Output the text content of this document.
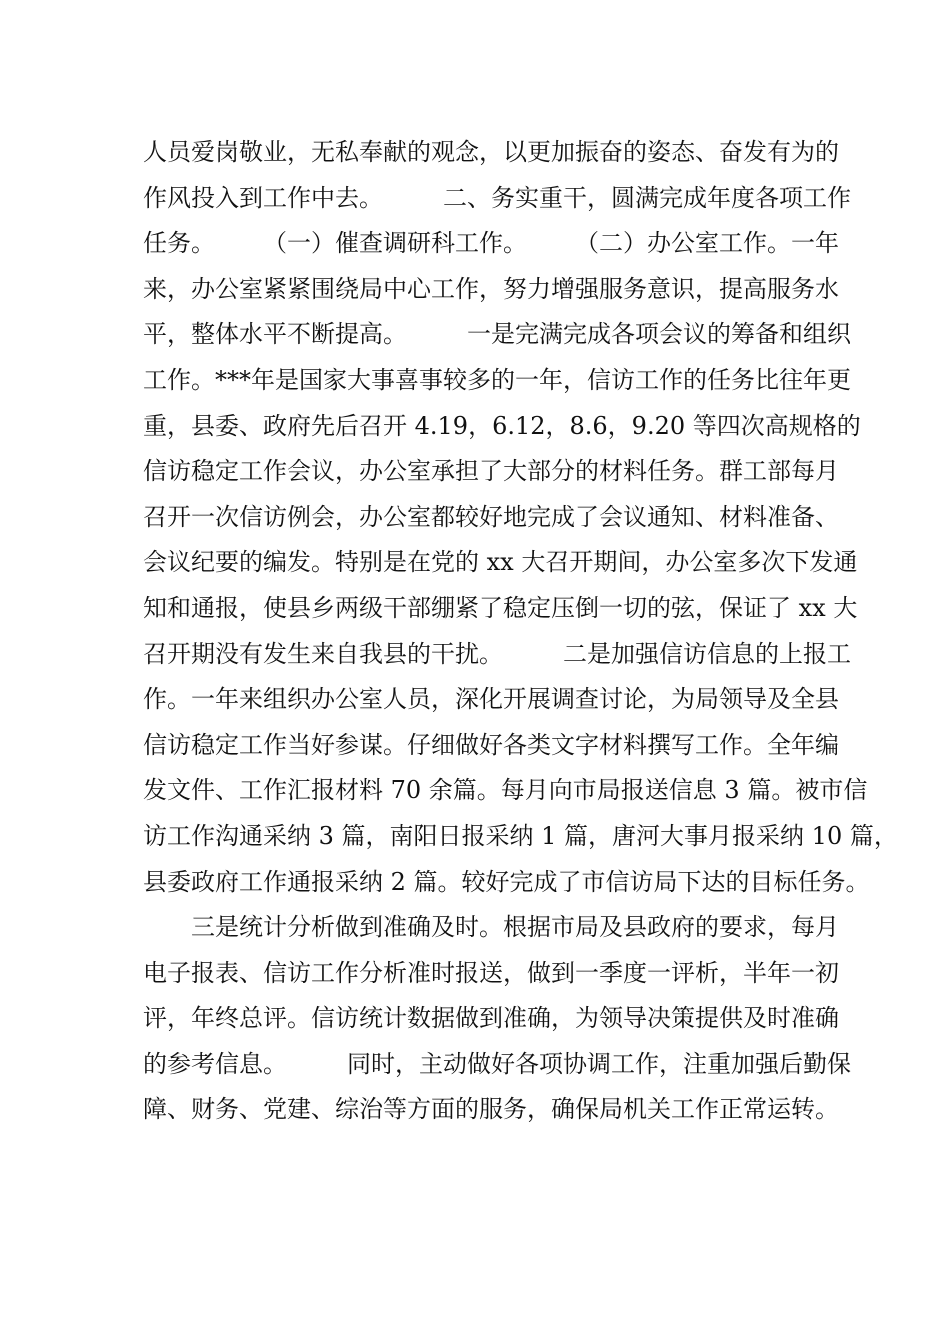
人员爱岗敬业，无私奉献的观念，以更加振奋的姿态、奋发有为的

作风投入到工作中去。　　　二、务实重干，圆满完成年度各项工作

任务。　　　（一）催查调研科工作。　　　（二）办公室工作。一年

来，办公室紧紧围绕局中心工作，努力增强服务意识，提高服务水

平，整体水平不断提高。　　　一是完满完成各项会议的筹备和组织

工作。***年是国家大事喜事较多的一年，信访工作的任务比往年更

重，县委、政府先后召开 4.19，6.12，8.6，9.20 等四次高规格的

信访稳定工作会议，办公室承担了大部分的材料任务。群工部每月

召开一次信访例会，办公室都较好地完成了会议通知、材料准备、

会议纪要的编发。特别是在党的 xx 大召开期间，办公室多次下发通

知和通报，使县乡两级干部绷紧了稳定压倒一切的弦，保证了 xx 大

召开期没有发生来自我县的干扰。　　　二是加强信访信息的上报工

作。一年来组织办公室人员，深化开展调查讨论，为局领导及全县

信访稳定工作当好参谋。仔细做好各类文字材料撰写工作。全年编

发文件、工作汇报材料 70 余篇。每月向市局报送信息 3 篇。被市信

访工作沟通采纳 3 篇，南阳日报采纳 1 篇，唐河大事月报采纳 10 篇，

县委政府工作通报采纳 2 篇。较好完成了市信访局下达的目标任务。

　　三是统计分析做到准确及时。根据市局及县政府的要求，每月

电子报表、信访工作分析准时报送，做到一季度一评析，半年一初

评，年终总评。信访统计数据做到准确，为领导决策提供及时准确

的参考信息。　　　同时，主动做好各项协调工作，注重加强后勤保

障、财务、党建、综治等方面的服务，确保局机关工作正常运转。
